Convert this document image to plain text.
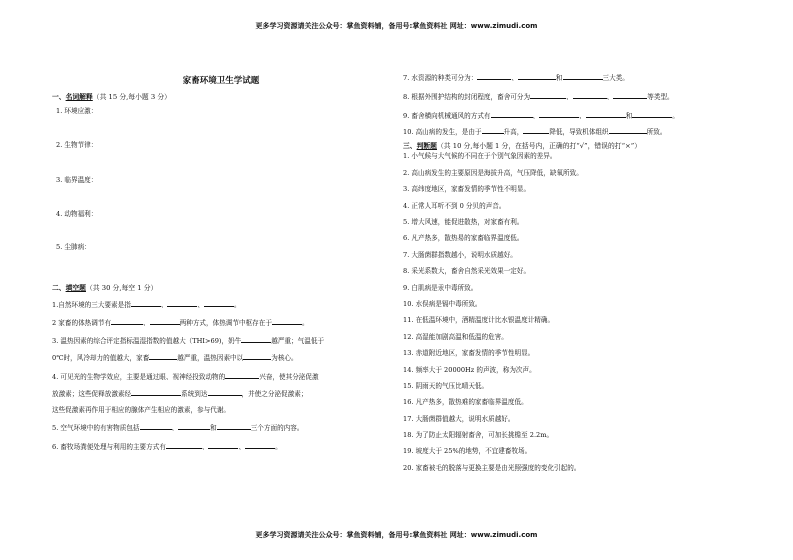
更多学习资源请关注公众号：掌鱼资料铺，备用号:掌鱼资料社 网址：www.zimudi.com
家畜环境卫生学试题
一、名词解释（共 15 分,每小题 3 分）
1. 环境应激：
2. 生物节律：
3. 临界温度：
4. 动物福利：
5. 尘肺病：
二、填空题（共 30 分,每空 1 分）
1.自然环境的三大要素是指	、	、	。
2 家畜的体热调节有	、	两种方式，体热调节中枢存在于	。
3. 温热因素的综合评定指标温湿指数的值越大（THI>69)，奶牛	越严重；气温低于
0℃时，风冷却力的值越大，家畜	越严重，温热因素中以	为核心。
4. 可见光的生物学效应，主要是通过眼、视神经投致动物的	兴奋，使其分泌促激
放激素；这些促释放激素经	系统到达	，并使之分泌促激素；
这些促激素再作用于相应的腺体产生相应的激素，参与代谢。
5. 空气环境中的有害物质包括	、	和	三个方面的内容。
6. 畜牧场粪便处理与利用的主要方式有	、	、	。
7. 水资源的种类可分为：	、	和	三大类。
8. 根据外围护结构的封闭程度，畜舍可分为	、	、	等类型。
9. 畜舍横向机械通风的方式有	、	、	和	。
10. 高山病的发生，是由于	升高，	降低，导致机体组织	所致。
三、判断题（共 10 分,每小题 1 分，在括号内，正确的打“√”，错误的打“×”）
1. 小气候与大气候的不同在于个别气象因素的差异。
2. 高山病发生的主要原因是海拔升高，气压降低，缺氧所致。
3. 高纬度地区，家畜发情的季节性不明显。
4. 正常人耳听不到 0 分贝的声音。
5. 增大风速，能促进散热，对家畜有利。
6. 凡产热多，散热易的家畜临界温度低。
7. 大肠菌群指数越小，说明水质越好。
8. 采光系数大，畜舍自然采光效果一定好。
9. 白肌病是汞中毒所致。
10. 水俣病是镉中毒所致。
11. 在低温环境中，酒精温度计比水银温度计精确。
12. 高湿能加剧高温和低温的危害。
13. 赤道附近地区，家畜发情的季节性明显。
14. 频率大于 20000Hz 的声波，称为次声。
15. 阴雨天的气压比晴天低。
16. 凡产热多，散热难的家畜临界温度低。
17. 大肠菌群值越大，说明水质越好。
18. 为了防止太阳辐射畜舍，可加长挑檐至 2.2m。
19. 坡度大于 25%的地势，不宜建畜牧场。
20. 家畜被毛的脱落与更换主要是由光照强度的变化引起的。
更多学习资源请关注公众号：掌鱼资料铺，备用号:掌鱼资料社 网址：www.zimudi.com
